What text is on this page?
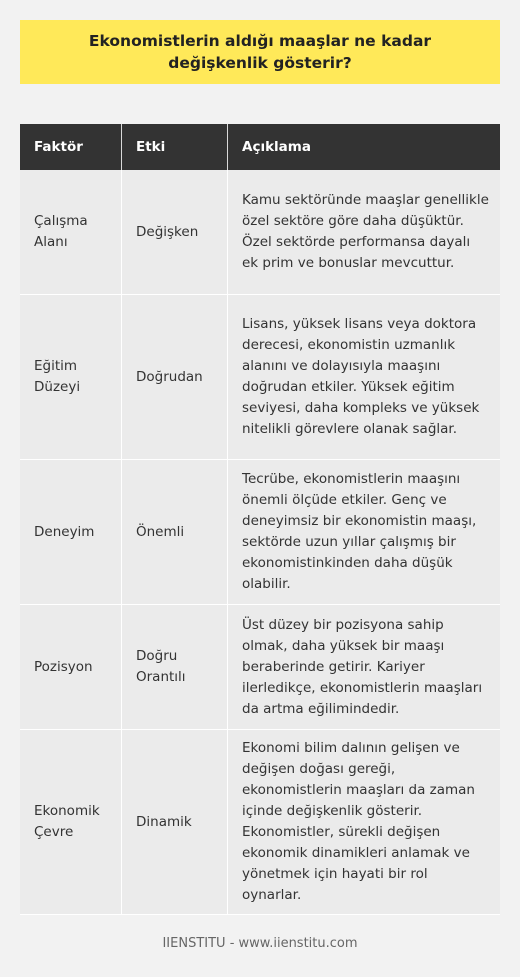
Ekonomistlerin aldığı maaşlar ne kadar değişkenlik gösterir?
Faktör	Etki	Açıklama
Çalışma Alanı	Değişken	Kamu sektöründe maaşlar genellikle özel sektöre göre daha düşüktür. Özel sektörde performansa dayalı ek prim ve bonuslar mevcuttur.
Eğitim Düzeyi	Doğrudan	Lisans, yüksek lisans veya doktora derecesi, ekonomistin uzmanlık alanını ve dolayısıyla maaşını doğrudan etkiler. Yüksek eğitim seviyesi, daha kompleks ve yüksek nitelikli görevlere olanak sağlar.
Deneyim	Önemli	Tecrübe, ekonomistlerin maaşını önemli ölçüde etkiler. Genç ve deneyimsiz bir ekonomistin maaşı, sektörde uzun yıllar çalışmış bir ekonomistinkinden daha düşük olabilir.
Pozisyon	Doğru Orantılı	Üst düzey bir pozisyona sahip olmak, daha yüksek bir maaşı beraberinde getirir. Kariyer ilerledikçe, ekonomistlerin maaşları da artma eğilimindedir.
Ekonomik Çevre	Dinamik	Ekonomi bilim dalının gelişen ve değişen doğası gereği, ekonomistlerin maaşları da zaman içinde değişkenlik gösterir. Ekonomistler, sürekli değişen ekonomik dinamikleri anlamak ve yönetmek için hayati bir rol oynarlar.
IIENSTITU - www.iienstitu.com
